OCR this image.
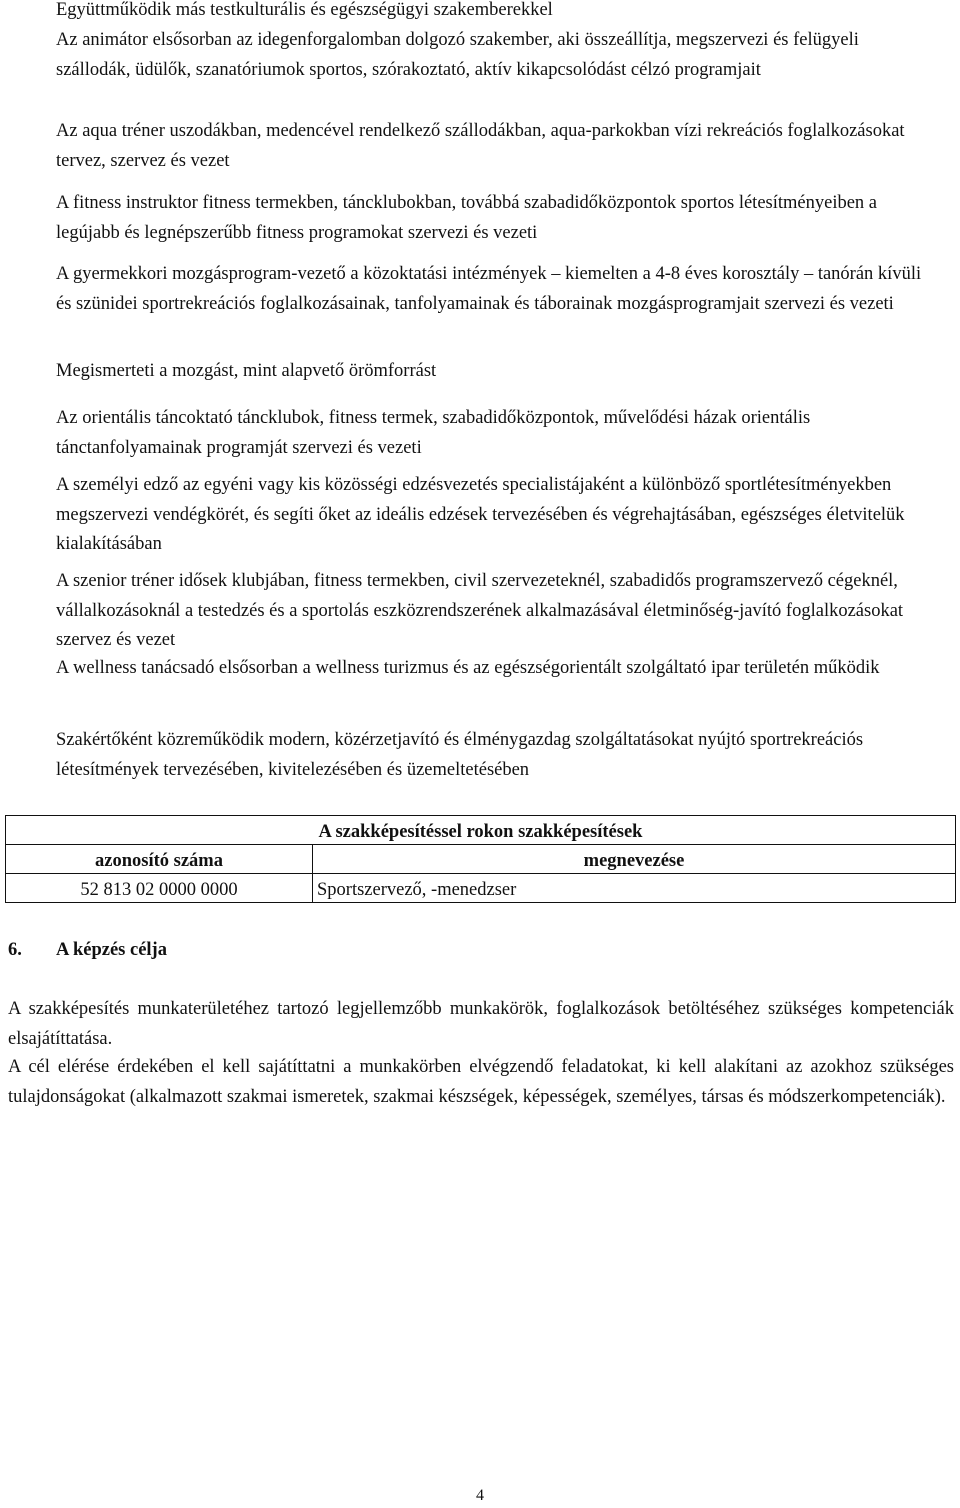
Együttműködik más testkulturális és egészségügyi szakemberekkel

Az animátor elsősorban az idegenforgalomban dolgozó szakember, aki összeállítja, megszervezi és felügyeli szállodák, üdülők, szanatóriumok sportos, szórakoztató, aktív kikapcsolódást célzó programjait

Az aqua tréner uszodákban, medencével rendelkező szállodákban, aqua-parkokban vízi rekreációs foglalkozásokat tervez, szervez és vezet

A fitness instruktor fitness termekben, táncklubokban, továbbá szabadidőközpontok sportos létesítményeiben a legújabb és legnépszerűbb fitness programokat szervezi és vezeti

A gyermekkori mozgásprogram-vezető a közoktatási intézmények – kiemelten a 4-8 éves korosztály – tanórán kívüli és szünidei sportrekreációs foglalkozásainak, tanfolyamainak és táborainak mozgásprogramjait szervezi és vezeti

Megismerteti a mozgást, mint alapvető örömforrást

Az orientális táncoktató táncklubok, fitness termek, szabadidőközpontok, művelődési házak orientális tánctanfolyamainak programját szervezi és vezeti

A személyi edző az egyéni vagy kis közösségi edzésvezetés specialistájaként a különböző sportlétesítményekben megszervezi vendégkörét, és segíti őket az ideális edzések tervezésében és végrehajtásában, egészséges életvitelük kialakításában

A szenior tréner idősek klubjában, fitness termekben, civil szervezeteknél, szabadidős programszervező cégeknél, vállalkozásoknál a testedzés és a sportolás eszközrendszerének alkalmazásával életminőség-javító foglalkozásokat szervez és vezet

A wellness tanácsadó elsősorban a wellness turizmus és az egészségorientált szolgáltató ipar területén működik

Szakértőként közreműködik modern, közérzetjavító és élménygazdag szolgáltatásokat nyújtó sportrekreációs létesítmények tervezésében, kivitelezésében és üzemeltetésében

A szakképesítéssel rokon szakképesítések	
azonosító száma	megnevezése
52 813 02 0000 0000	Sportszervező, -menedzser

6. A képzés célja

A szakképesítés munkaterületéhez tartozó legjellemzőbb munkakörök, foglalkozások betöltéséhez szükséges kompetenciák elsajátíttatása.

A cél elérése érdekében el kell sajátíttatni a munkakörben elvégzendő feladatokat, ki kell alakítani az azokhoz szükséges tulajdonságokat (alkalmazott szakmai ismeretek, szakmai készségek, képességek, személyes, társas és módszerkompetenciák).

4
